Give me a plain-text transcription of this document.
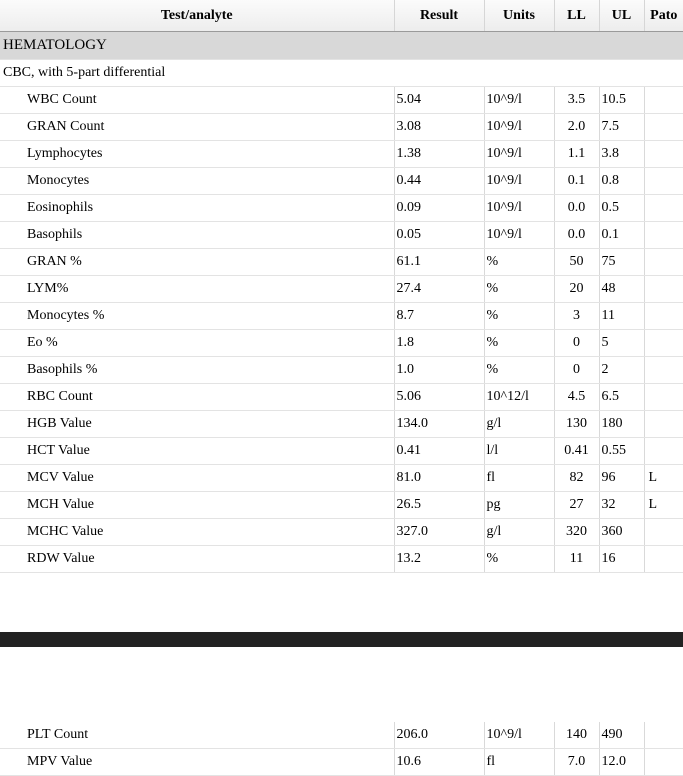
Test/analyte	Result	Units	LL	UL	Pato
HEMATOLOGY					
CBC, with 5-part differential					
WBC Count	5.04	10^9/l	3.5	10.5	
GRAN Count	3.08	10^9/l	2.0	7.5	
Lymphocytes	1.38	10^9/l	1.1	3.8	
Monocytes	0.44	10^9/l	0.1	0.8	
Eosinophils	0.09	10^9/l	0.0	0.5	
Basophils	0.05	10^9/l	0.0	0.1	
GRAN %	61.1	%	50	75	
LYM%	27.4	%	20	48	
Monocytes %	8.7	%	3	11	
Eo %	1.8	%	0	5	
Basophils %	1.0	%	0	2	
RBC Count	5.06	10^12/l	4.5	6.5	
HGB Value	134.0	g/l	130	180	
HCT Value	0.41	l/l	0.41	0.55	
MCV Value	81.0	fl	82	96	L
MCH Value	26.5	pg	27	32	L
MCHC Value	327.0	g/l	320	360	
RDW Value	13.2	%	11	16	
PLT Count	206.0	10^9/l	140	490	
MPV Value	10.6	fl	7.0	12.0	
